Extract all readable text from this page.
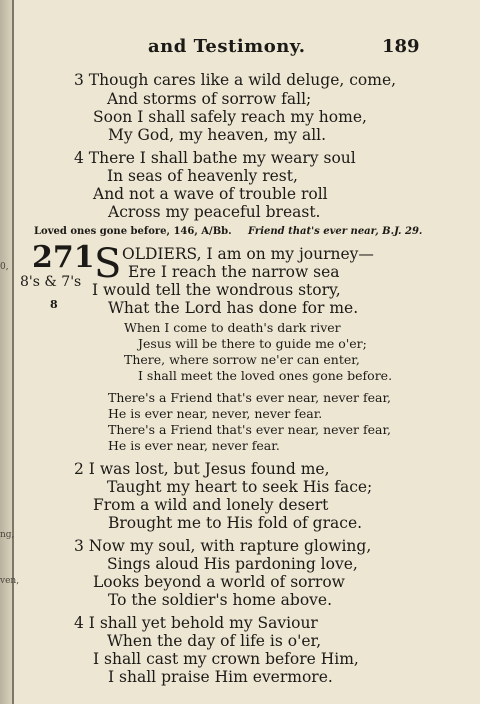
and Testimony.	189
3 Though cares like a wild deluge, come,
And storms of sorrow fall;
Soon I shall safely reach my home,
My God, my heaven, my all.
4 There I shall bathe my weary soul
In seas of heavenly rest,
And not a wave of trouble roll
Across my peaceful breast.
Loved ones gone before, 146, A/Bb. Friend that's ever near, B.J. 29.
271 S
8's & 7's
8
OLDIERS, I am on my journey—
Ere I reach the narrow sea
I would tell the wondrous story,
What the Lord has done for me.
When I come to death's dark river
Jesus will be there to guide me o'er;
There, where sorrow ne'er can enter,
I shall meet the loved ones gone before.
There's a Friend that's ever near, never fear,
He is ever near, never, never fear.
There's a Friend that's ever near, never fear,
He is ever near, never fear.
2 I was lost, but Jesus found me,
Taught my heart to seek His face;
From a wild and lonely desert
Brought me to His fold of grace.
3 Now my soul, with rapture glowing,
Sings aloud His pardoning love,
Looks beyond a world of sorrow
To the soldier's home above.
4 I shall yet behold my Saviour
When the day of life is o'er,
I shall cast my crown before Him,
I shall praise Him evermore.
0,
ng,
ven,
